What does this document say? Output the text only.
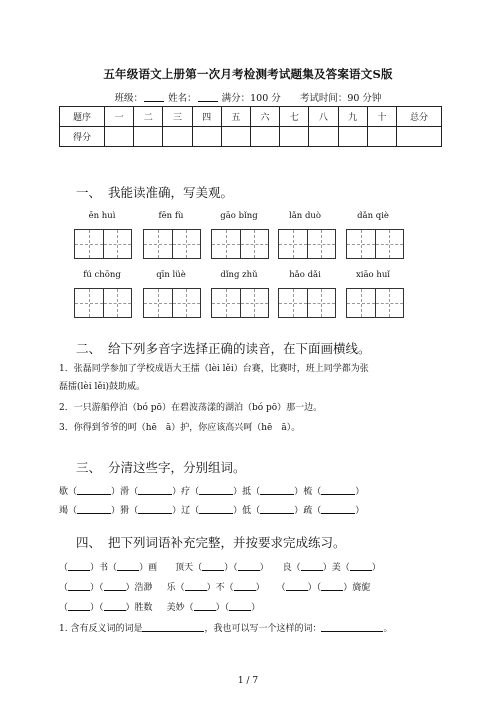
五年级语文上册第一次月考检测考试题集及答案语文S版
班级：	姓名：	满分：100 分 考试时间：90 分钟
题序	一	二	三	四	五	六	七	八	九	十	总分
得分											
一、 我能读准确，写美观。
ēn huì	fēn fù	gāo bǐng	lǎn duò	dǎn qiè
fú chōng	qīn lüè	dǐng zhǔ	hǎo dǎi	xiāo huǐ
二、 给下列多音字选择正确的读音，在下面画横线。
1．张磊同学参加了学校成语大王擂（lèi lěi）台赛，比赛时，班上同学都为张
磊擂(lèi lěi)鼓助威。
2．一只游船停泊（bó pō）在碧波荡漾的湖泊（bó pō）那一边。
3．你得到爷爷的呵（hē　ā）护，你应该高兴呵（hē　ā）。
三、 分清这些字，分别组词。
歇（	）滑（	）疗（	）抵（	）梳（	）
竭（	）猾（	）辽（	）低（	）疏（	）
四、 把下列词语补充完整，并按要求完成练习。
（ ）书（ ）画 顶天（ ）（ ） 良（ ）美（ ）
（ ）（ ）浩渺 乐（ ）不（ ） （ ）（ ）旖旎
（ ）（ ）胜数 美妙（ ）（ ）
1. 含有反义词的词是	，我也可以写一个这样的词：	。
1 / 7
